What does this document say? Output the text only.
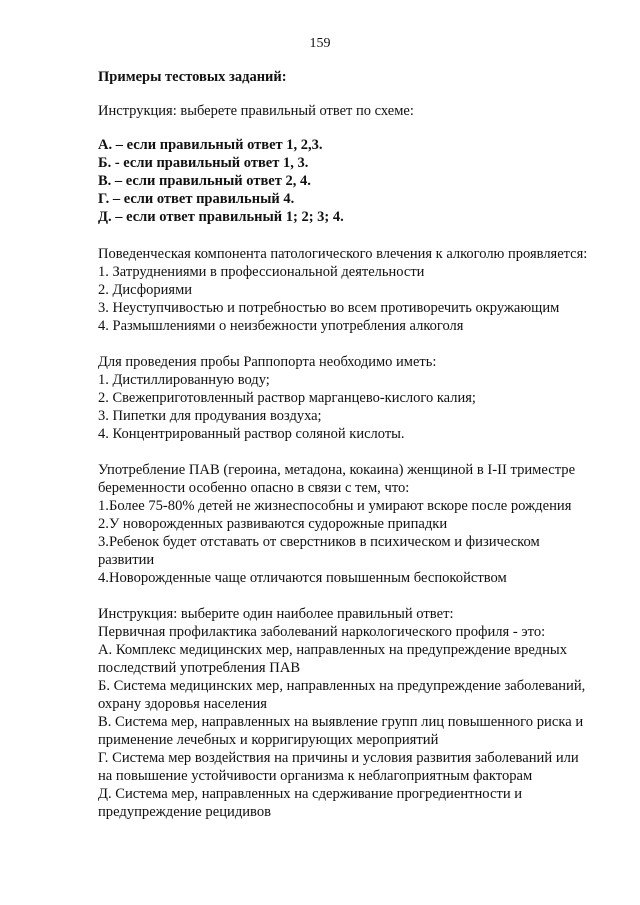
159
Примеры тестовых заданий:
Инструкция: выберете правильный ответ по схеме:
А. – если правильный ответ 1, 2,3.
Б. - если правильный ответ 1, 3.
В. – если правильный ответ 2, 4.
Г. – если ответ правильный 4.
Д. – если ответ правильный 1; 2; 3; 4.
Поведенческая компонента патологического влечения к алкоголю проявляется:
1. Затруднениями в профессиональной деятельности
2. Дисфориями
3. Неуступчивостью и потребностью во всем противоречить окружающим
4. Размышлениями о неизбежности употребления алкоголя
Для проведения пробы Раппопорта необходимо иметь:
1. Дистиллированную воду;
2. Свежеприготовленный раствор марганцево-кислого калия;
3. Пипетки для продувания воздуха;
4. Концентрированный раствор соляной кислоты.
Употребление ПАВ (героина, метадона, кокаина) женщиной в I-II триместре беременности особенно опасно в связи с тем, что:
1.Более 75-80% детей не жизнеспособны и умирают вскоре после рождения
2.У новорожденных развиваются судорожные припадки
3.Ребенок будет отставать от сверстников в психическом и физическом развитии
4.Новорожденные чаще отличаются повышенным беспокойством
Инструкция: выберите один наиболее правильный ответ:
Первичная профилактика заболеваний наркологического профиля - это:
А. Комплекс медицинских мер, направленных на предупреждение вредных последствий употребления ПАВ
Б. Система медицинских мер, направленных на предупреждение заболеваний, охрану здоровья населения
В. Система мер, направленных на выявление групп лиц повышенного риска и применение лечебных и корригирующих мероприятий
Г. Система мер воздействия на причины и условия развития заболеваний или на повышение устойчивости организма к неблагоприятным факторам
Д. Система мер, направленных на сдерживание прогредиентности и предупреждение рецидивов
